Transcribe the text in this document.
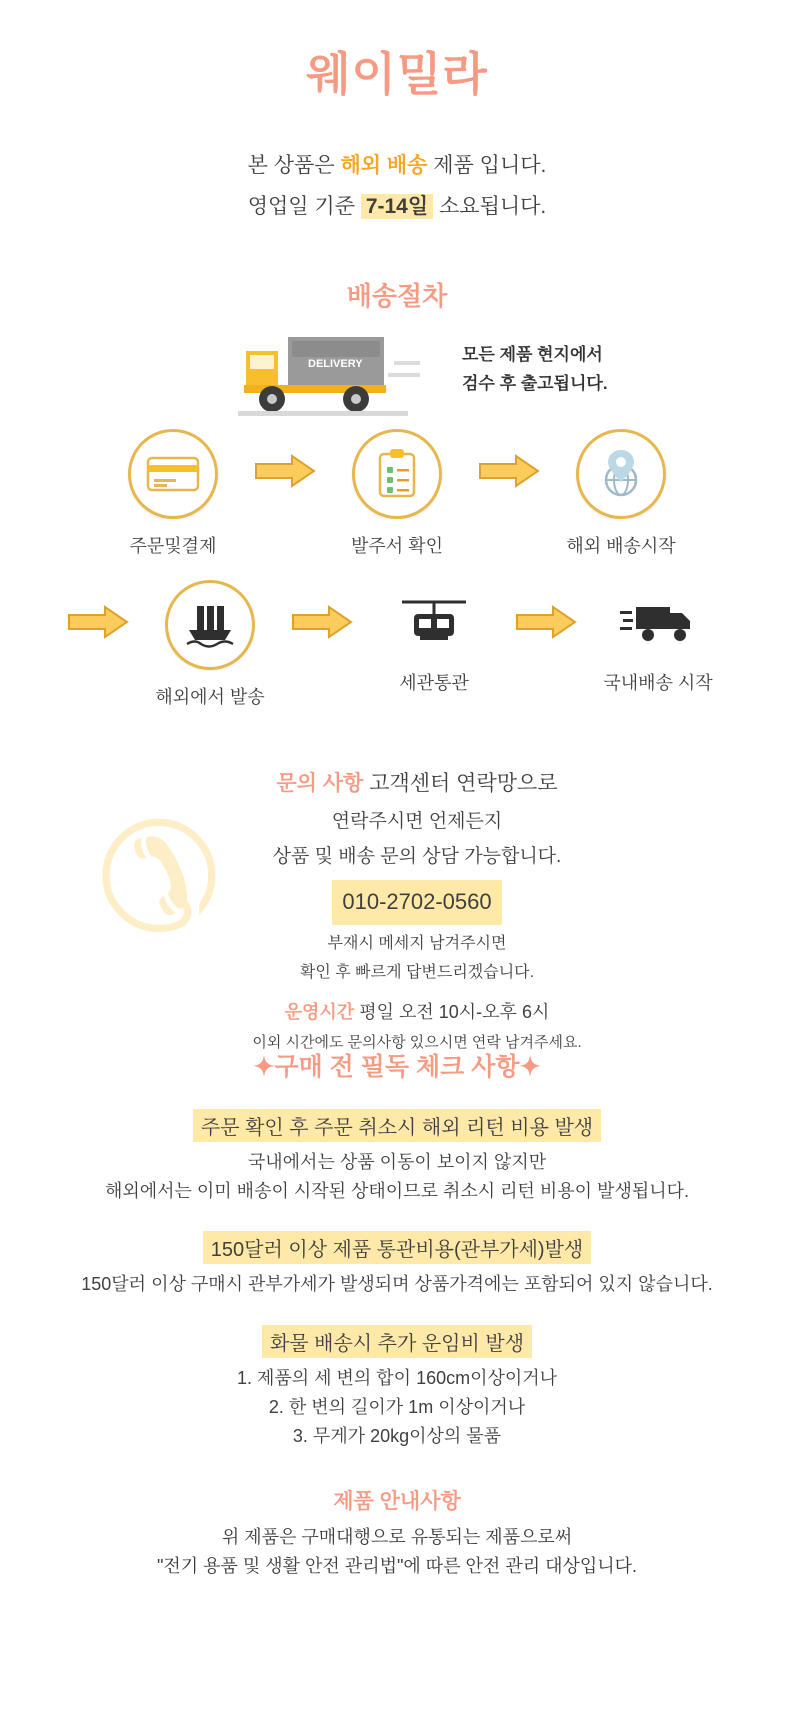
웨이밀라
본 상품은 해외 배송 제품 입니다.
영업일 기준 7-14일 소요됩니다.
배송절차
DELIVERY	모든 제품 현지에서
검수 후 출고됩니다.
주문및결제	발주서 확인	해외 배송시작
해외에서 발송
세관통관	국내배송 시작
✆
문의 사항 고객센터 연락망으로
연락주시면 언제든지
상품 및 배송 문의 상담 가능합니다.
010-2702-0560
부재시 메세지 남겨주시면
확인 후 빠르게 답변드리겠습니다.
운영시간 평일 오전 10시-오후 6시
이외 시간에도 문의사항 있으시면 연락 남겨주세요.
✦구매 전 필독 체크 사항✦
주문 확인 후 주문 취소시 해외 리턴 비용 발생
국내에서는 상품 이동이 보이지 않지만
해외에서는 이미 배송이 시작된 상태이므로 취소시 리턴 비용이 발생됩니다.
150달러 이상 제품 통관비용(관부가세)발생
150달러 이상 구매시 관부가세가 발생되며 상품가격에는 포함되어 있지 않습니다.
화물 배송시 추가 운임비 발생
1. 제품의 세 변의 합이 160cm이상이거나
2. 한 변의 길이가 1m 이상이거나
3. 무게가 20kg이상의 물품
제품 안내사항
위 제품은 구매대행으로 유통되는 제품으로써
"전기 용품 및 생활 안전 관리법"에 따른 안전 관리 대상입니다.
